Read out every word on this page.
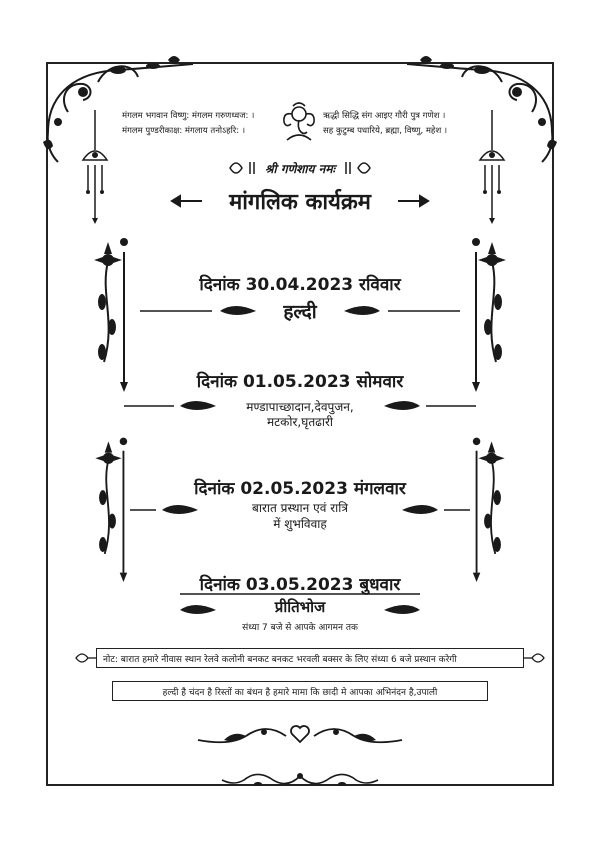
मंगलम भगवान विष्णु: मंगलम गरुणध्वज: ।
मंगलम पुण्डरीकाक्ष: मंगलाय तनोऽहरि: ।
ऋद्धी सिद्धि संग आइए गौरी पुत्र गणेश ।
सह कुटुम्ब पधारिये, ब्रह्मा, विष्णु, महेश ।
श्री गणेशाय नमः
मांगलिक कार्यक्रम
दिनांक 30.04.2023 रविवार
हल्दी
दिनांक 01.05.2023 सोमवार
मण्डापाच्छादान,देवपुजन,
मटकोर,घृतढारी
दिनांक 02.05.2023 मंगलवार
बारात प्रस्थान एवं रात्रि
में शुभविवाह
दिनांक 03.05.2023 बुधवार
प्रीतिभोज
संध्या 7 बजे से आपके आगमन तक
नोट: बारात हमारे नीवास स्थान रेलवे कलोनी बनकट बनकट भरवली बक्सर के लिए संध्या 6 बजे प्रस्थान करेगी
हल्दी है चंदन है रिस्तों का बंधन है हमारे मामा कि छादी मे आपका अभिनंदन है,उपाली
